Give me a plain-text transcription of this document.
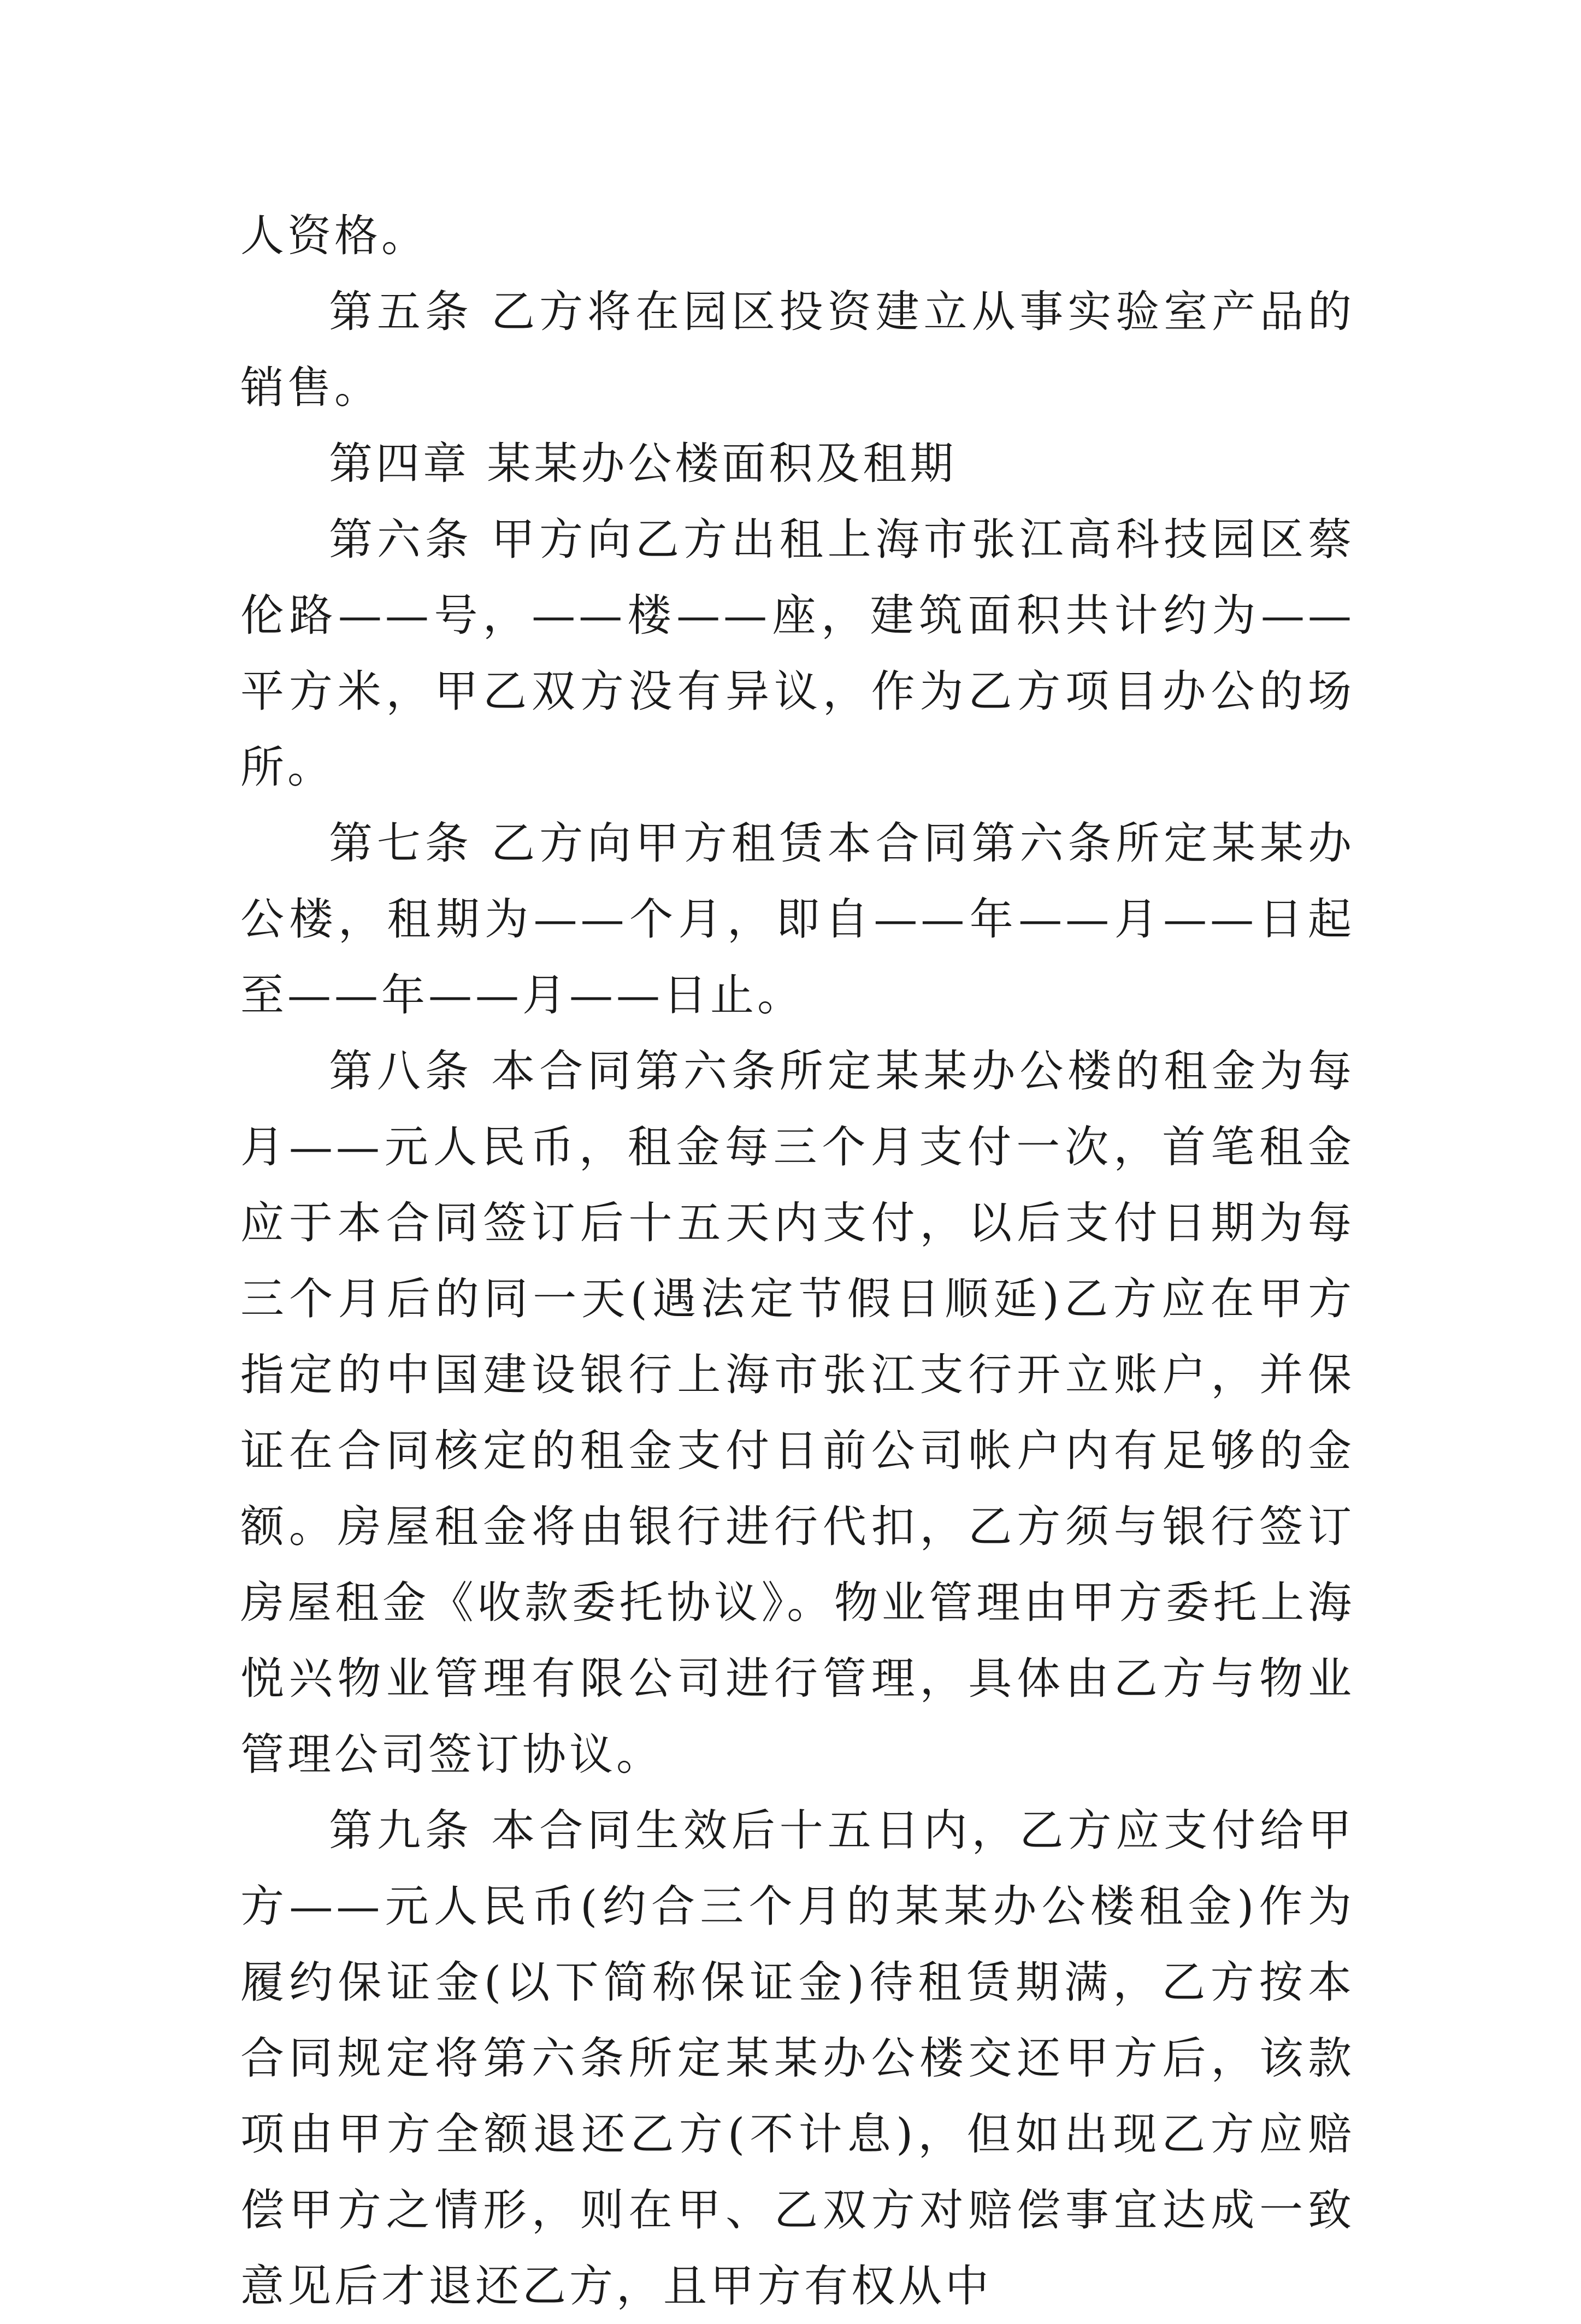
人资格。

第五条 乙方将在园区投资建立从事实验室产品的销售。

第四章 某某办公楼面积及租期

第六条 甲方向乙方出租上海市张江高科技园区蔡伦路——号，——楼——座，建筑面积共计约为——平方米，甲乙双方没有异议，作为乙方项目办公的场所。

第七条 乙方向甲方租赁本合同第六条所定某某办公楼，租期为——个月，即自——年——月——日起至——年——月——日止。

第八条 本合同第六条所定某某办公楼的租金为每月——元人民币，租金每三个月支付一次，首笔租金应于本合同签订后十五天内支付，以后支付日期为每三个月后的同一天(遇法定节假日顺延)乙方应在甲方指定的中国建设银行上海市张江支行开立账户，并保证在合同核定的租金支付日前公司帐户内有足够的金额。房屋租金将由银行进行代扣，乙方须与银行签订房屋租金《收款委托协议》。物业管理由甲方委托上海悦兴物业管理有限公司进行管理，具体由乙方与物业管理公司签订协议。

第九条 本合同生效后十五日内，乙方应支付给甲方——元人民币(约合三个月的某某办公楼租金)作为履约保证金(以下简称保证金)待租赁期满，乙方按本合同规定将第六条所定某某办公楼交还甲方后，该款项由甲方全额退还乙方(不计息)，但如出现乙方应赔偿甲方之情形，则在甲、乙双方对赔偿事宜达成一致意见后才退还乙方，且甲方有权从中
